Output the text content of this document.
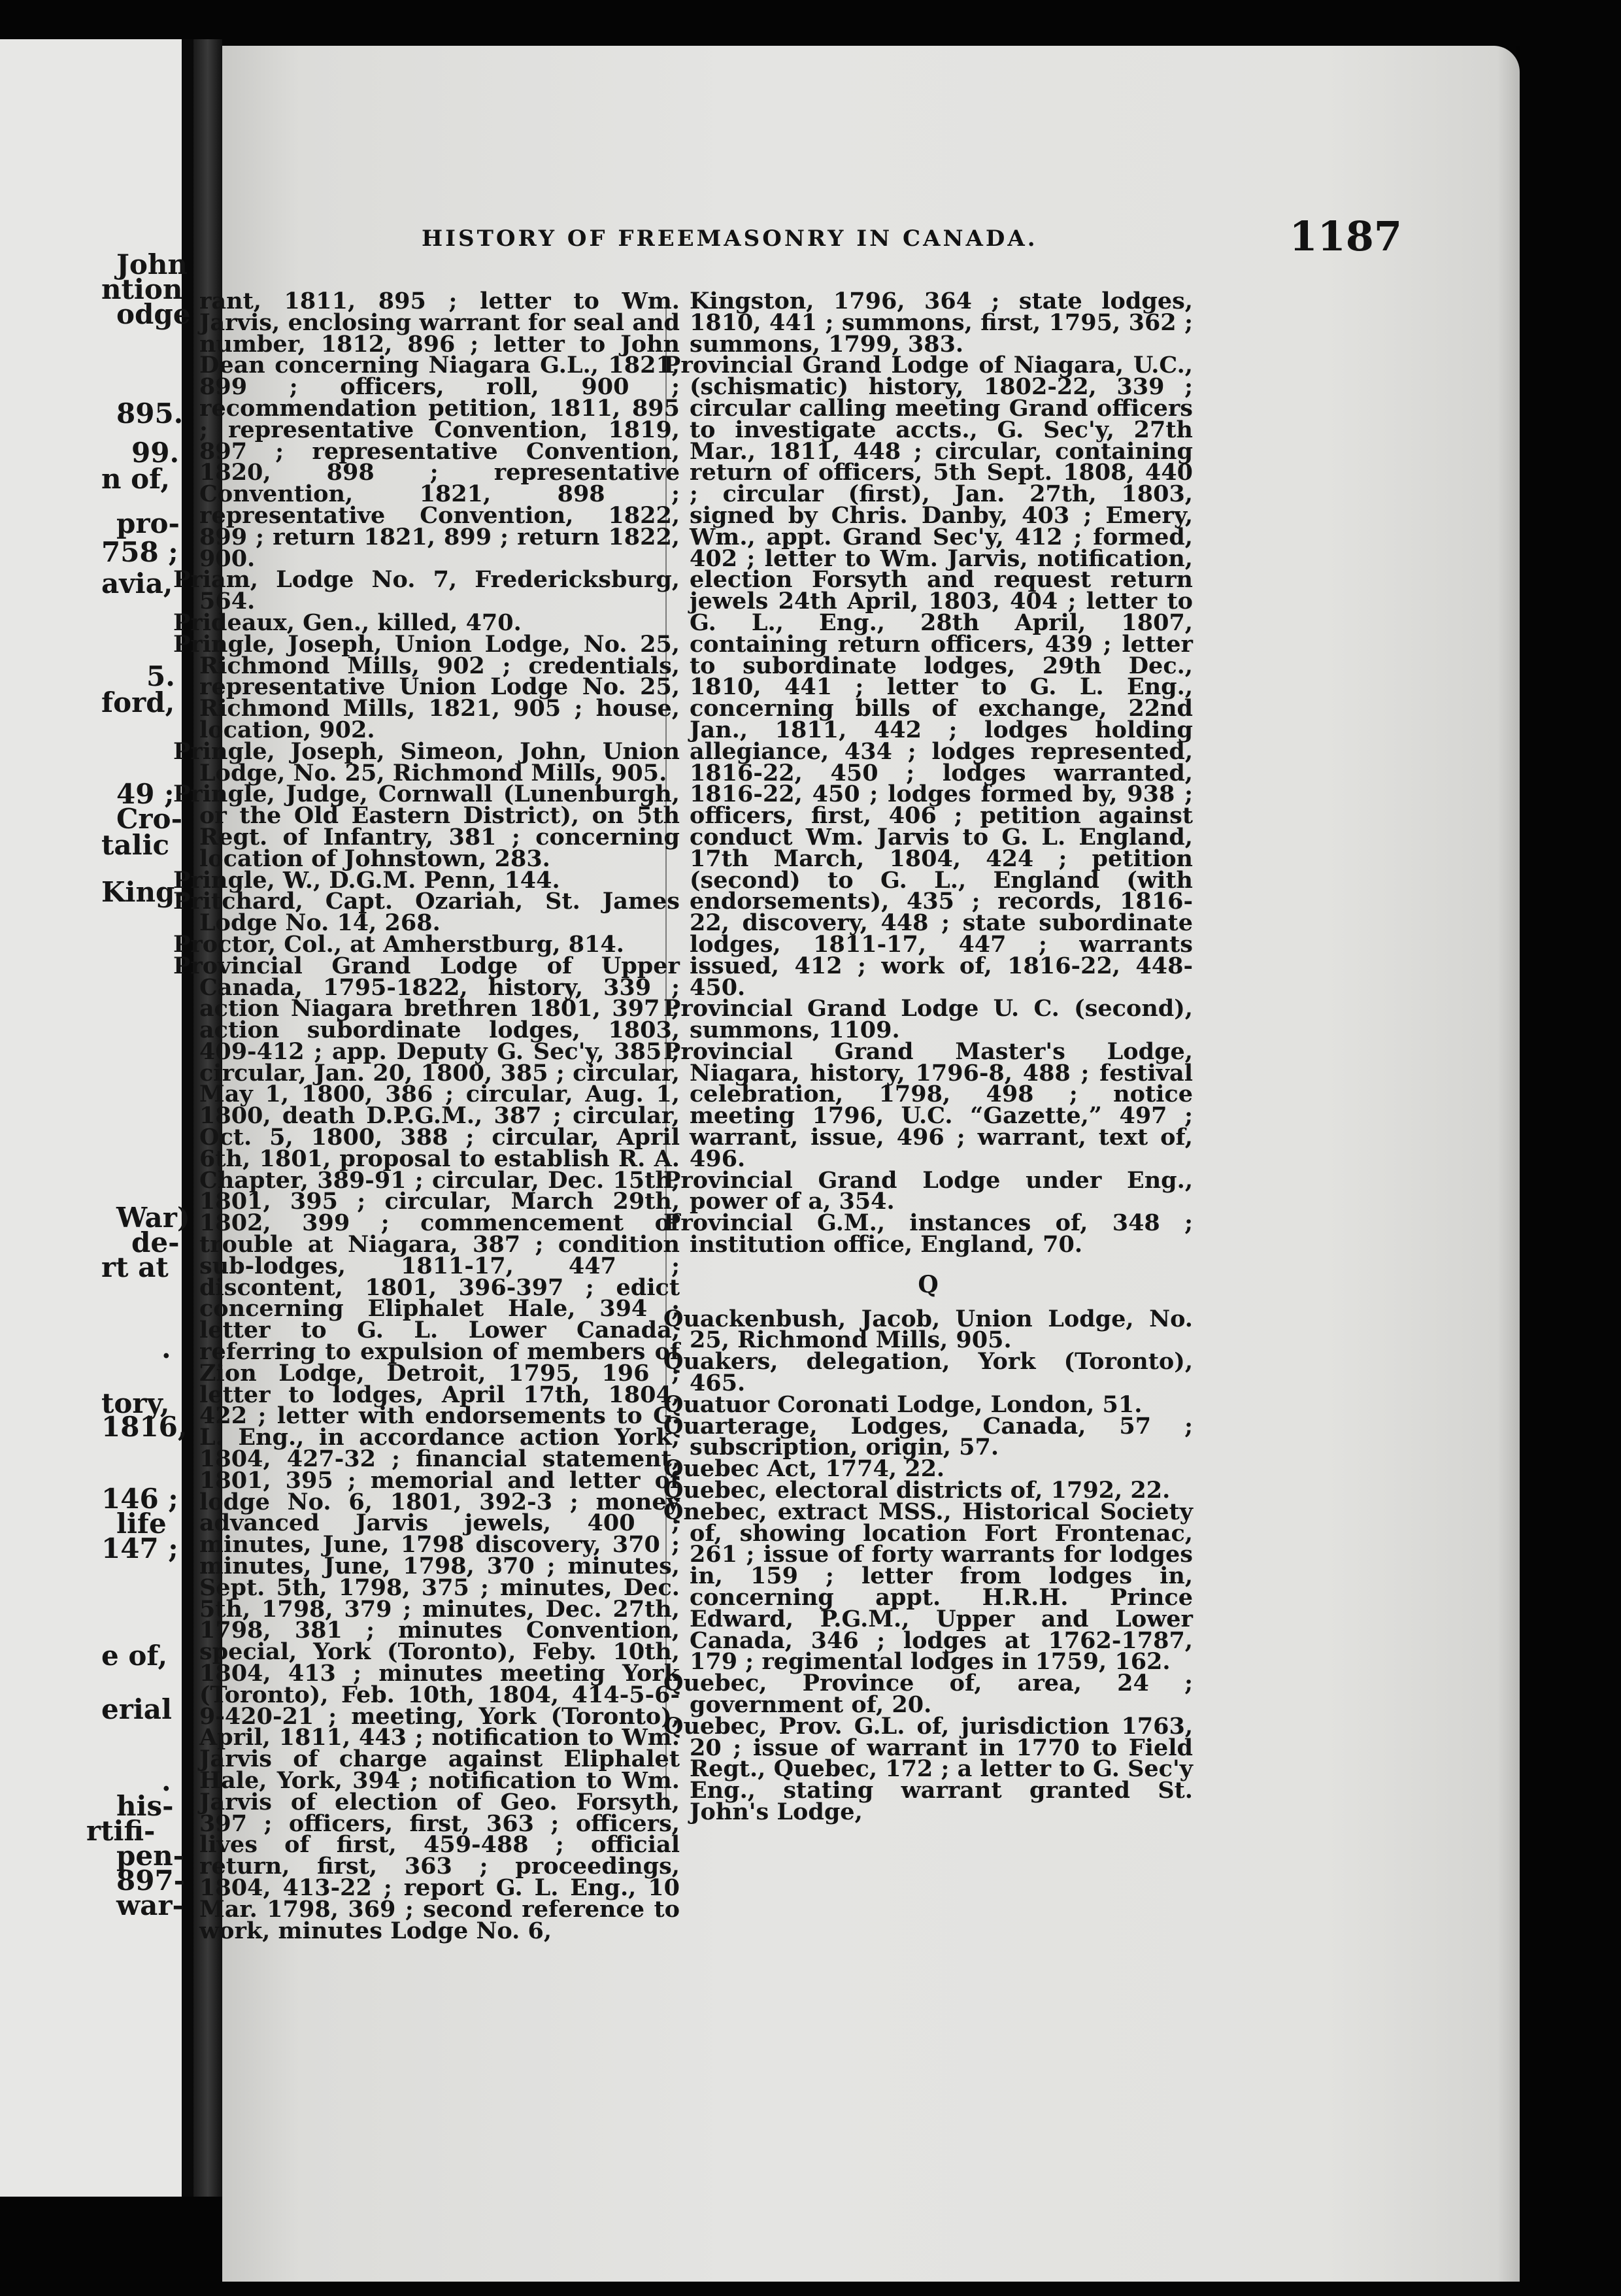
John
ntion
odge
895.
99.
n of,
pro-
758 ;
avia,
5.
ford,
49 ;
Cro-
talic
King-
War)
de-
rt at
.
tory,
1816,
146 ;
life
147 ;
e of,
erial
.
his-
rtifi-
pen-
897-
war-
HISTORY OF FREEMASONRY IN CANADA.	1187
rant, 1811, 895 ; letter to Wm. Jarvis, enclosing warrant for seal and number, 1812, 896 ; letter to John Dean concerning Niagara G.L., 1821, 899 ; officers, roll, 900 ; recommendation petition, 1811, 895 ; representative Convention, 1819, 897 ; representative Convention, 1820, 898 ; representative Convention, 1821, 898 ; representative Convention, 1822, 899 ; return 1821, 899 ; return 1822, 900.
Priam, Lodge No. 7, Fredericksburg, 564.
Prideaux, Gen., killed, 470.
Pringle, Joseph, Union Lodge, No. 25, Richmond Mills, 902 ; credentials, representative Union Lodge No. 25, Richmond Mills, 1821, 905 ; house, location, 902.
Pringle, Joseph, Simeon, John, Union Lodge, No. 25, Richmond Mills, 905.
Pringle, Judge, Cornwall (Lunenburgh, or the Old Eastern District), on 5th Regt. of Infantry, 381 ; concerning location of Johnstown, 283.
Pringle, W., D.G.M. Penn, 144.
Pritchard, Capt. Ozariah, St. James Lodge No. 14, 268.
Proctor, Col., at Amherstburg, 814.
Provincial Grand Lodge of Upper Canada, 1795-1822, history, 339 ; action Niagara brethren 1801, 397 ; action subordinate lodges, 1803, 409-412 ; app. Deputy G. Sec'y, 385 ; circular, Jan. 20, 1800, 385 ; circular, May 1, 1800, 386 ; circular, Aug. 1, 1800, death D.P.G.M., 387 ; circular, Oct. 5, 1800, 388 ; circular, April 6th, 1801, proposal to establish R. A. Chapter, 389-91 ; circular, Dec. 15th, 1801, 395 ; circular, March 29th, 1802, 399 ; commencement of trouble at Niagara, 387 ; condition sub-lodges, 1811-17, 447 ; discontent, 1801, 396-397 ; edict concerning Eliphalet Hale, 394 ; letter to G. L. Lower Canada, referring to expulsion of members of Zion Lodge, Detroit, 1795, 196 ; letter to lodges, April 17th, 1804, 422 ; letter with endorsements to G. L. Eng., in accordance action York, 1804, 427-32 ; financial statement, 1801, 395 ; memorial and letter of lodge No. 6, 1801, 392-3 ; money advanced Jarvis jewels, 400 ; minutes, June, 1798 discovery, 370 ; minutes, June, 1798, 370 ; minutes, Sept. 5th, 1798, 375 ; minutes, Dec. 5th, 1798, 379 ; minutes, Dec. 27th, 1798, 381 ; minutes Convention, special, York (Toronto), Feby. 10th, 1804, 413 ; minutes meeting York (Toronto), Feb. 10th, 1804, 414-5-6-9-420-21 ; meeting, York (Toronto), April, 1811, 443 ; notification to Wm. Jarvis of charge against Eliphalet Hale, York, 394 ; notification to Wm. Jarvis of election of Geo. Forsyth, 397 ; officers, first, 363 ; officers, lives of first, 459-488 ; official return, first, 363 ; proceedings, 1804, 413-22 ; report G. L. Eng., 10 Mar. 1798, 369 ; second reference to work, minutes Lodge No. 6,
Kingston, 1796, 364 ; state lodges, 1810, 441 ; summons, first, 1795, 362 ; summons, 1799, 383.
Provincial Grand Lodge of Niagara, U.C., (schismatic) history, 1802-22, 339 ; circular calling meeting Grand officers to investigate accts., G. Sec'y, 27th Mar., 1811, 448 ; circular, containing return of officers, 5th Sept. 1808, 440 ; circular (first), Jan. 27th, 1803, signed by Chris. Danby, 403 ; Emery, Wm., appt. Grand Sec'y, 412 ; formed, 402 ; letter to Wm. Jarvis, notification, election Forsyth and request return jewels 24th April, 1803, 404 ; letter to G. L., Eng., 28th April, 1807, containing return officers, 439 ; letter to subordinate lodges, 29th Dec., 1810, 441 ; letter to G. L. Eng., concerning bills of exchange, 22nd Jan., 1811, 442 ; lodges holding allegiance, 434 ; lodges represented, 1816-22, 450 ; lodges warranted, 1816-22, 450 ; lodges formed by, 938 ; officers, first, 406 ; petition against conduct Wm. Jarvis to G. L. England, 17th March, 1804, 424 ; petition (second) to G. L., England (with endorsements), 435 ; records, 1816-22, discovery, 448 ; state subordinate lodges, 1811-17, 447 ; warrants issued, 412 ; work of, 1816-22, 448-450.
Provincial Grand Lodge U. C. (second), summons, 1109.
Provincial Grand Master's Lodge, Niagara, history, 1796-8, 488 ; festival celebration, 1798, 498 ; notice meeting 1796, U.C. “Gazette,” 497 ; warrant, issue, 496 ; warrant, text of, 496.
Provincial Grand Lodge under Eng., power of a, 354.
Provincial G.M., instances of, 348 ; institution office, England, 70.
Q
Quackenbush, Jacob, Union Lodge, No. 25, Richmond Mills, 905.
Quakers, delegation, York (Toronto), 465.
Quatuor Coronati Lodge, London, 51.
Quarterage, Lodges, Canada, 57 ; subscription, origin, 57.
Quebec Act, 1774, 22.
Quebec, electoral districts of, 1792, 22.
Qnebec, extract MSS., Historical Society of, showing location Fort Frontenac, 261 ; issue of forty warrants for lodges in, 159 ; letter from lodges in, concerning appt. H.R.H. Prince Edward, P.G.M., Upper and Lower Canada, 346 ; lodges at 1762-1787, 179 ; regimental lodges in 1759, 162.
Quebec, Province of, area, 24 ; government of, 20.
Quebec, Prov. G.L. of, jurisdiction 1763, 20 ; issue of warrant in 1770 to Field Regt., Quebec, 172 ; a letter to G. Sec'y Eng., stating warrant granted St. John's Lodge,
